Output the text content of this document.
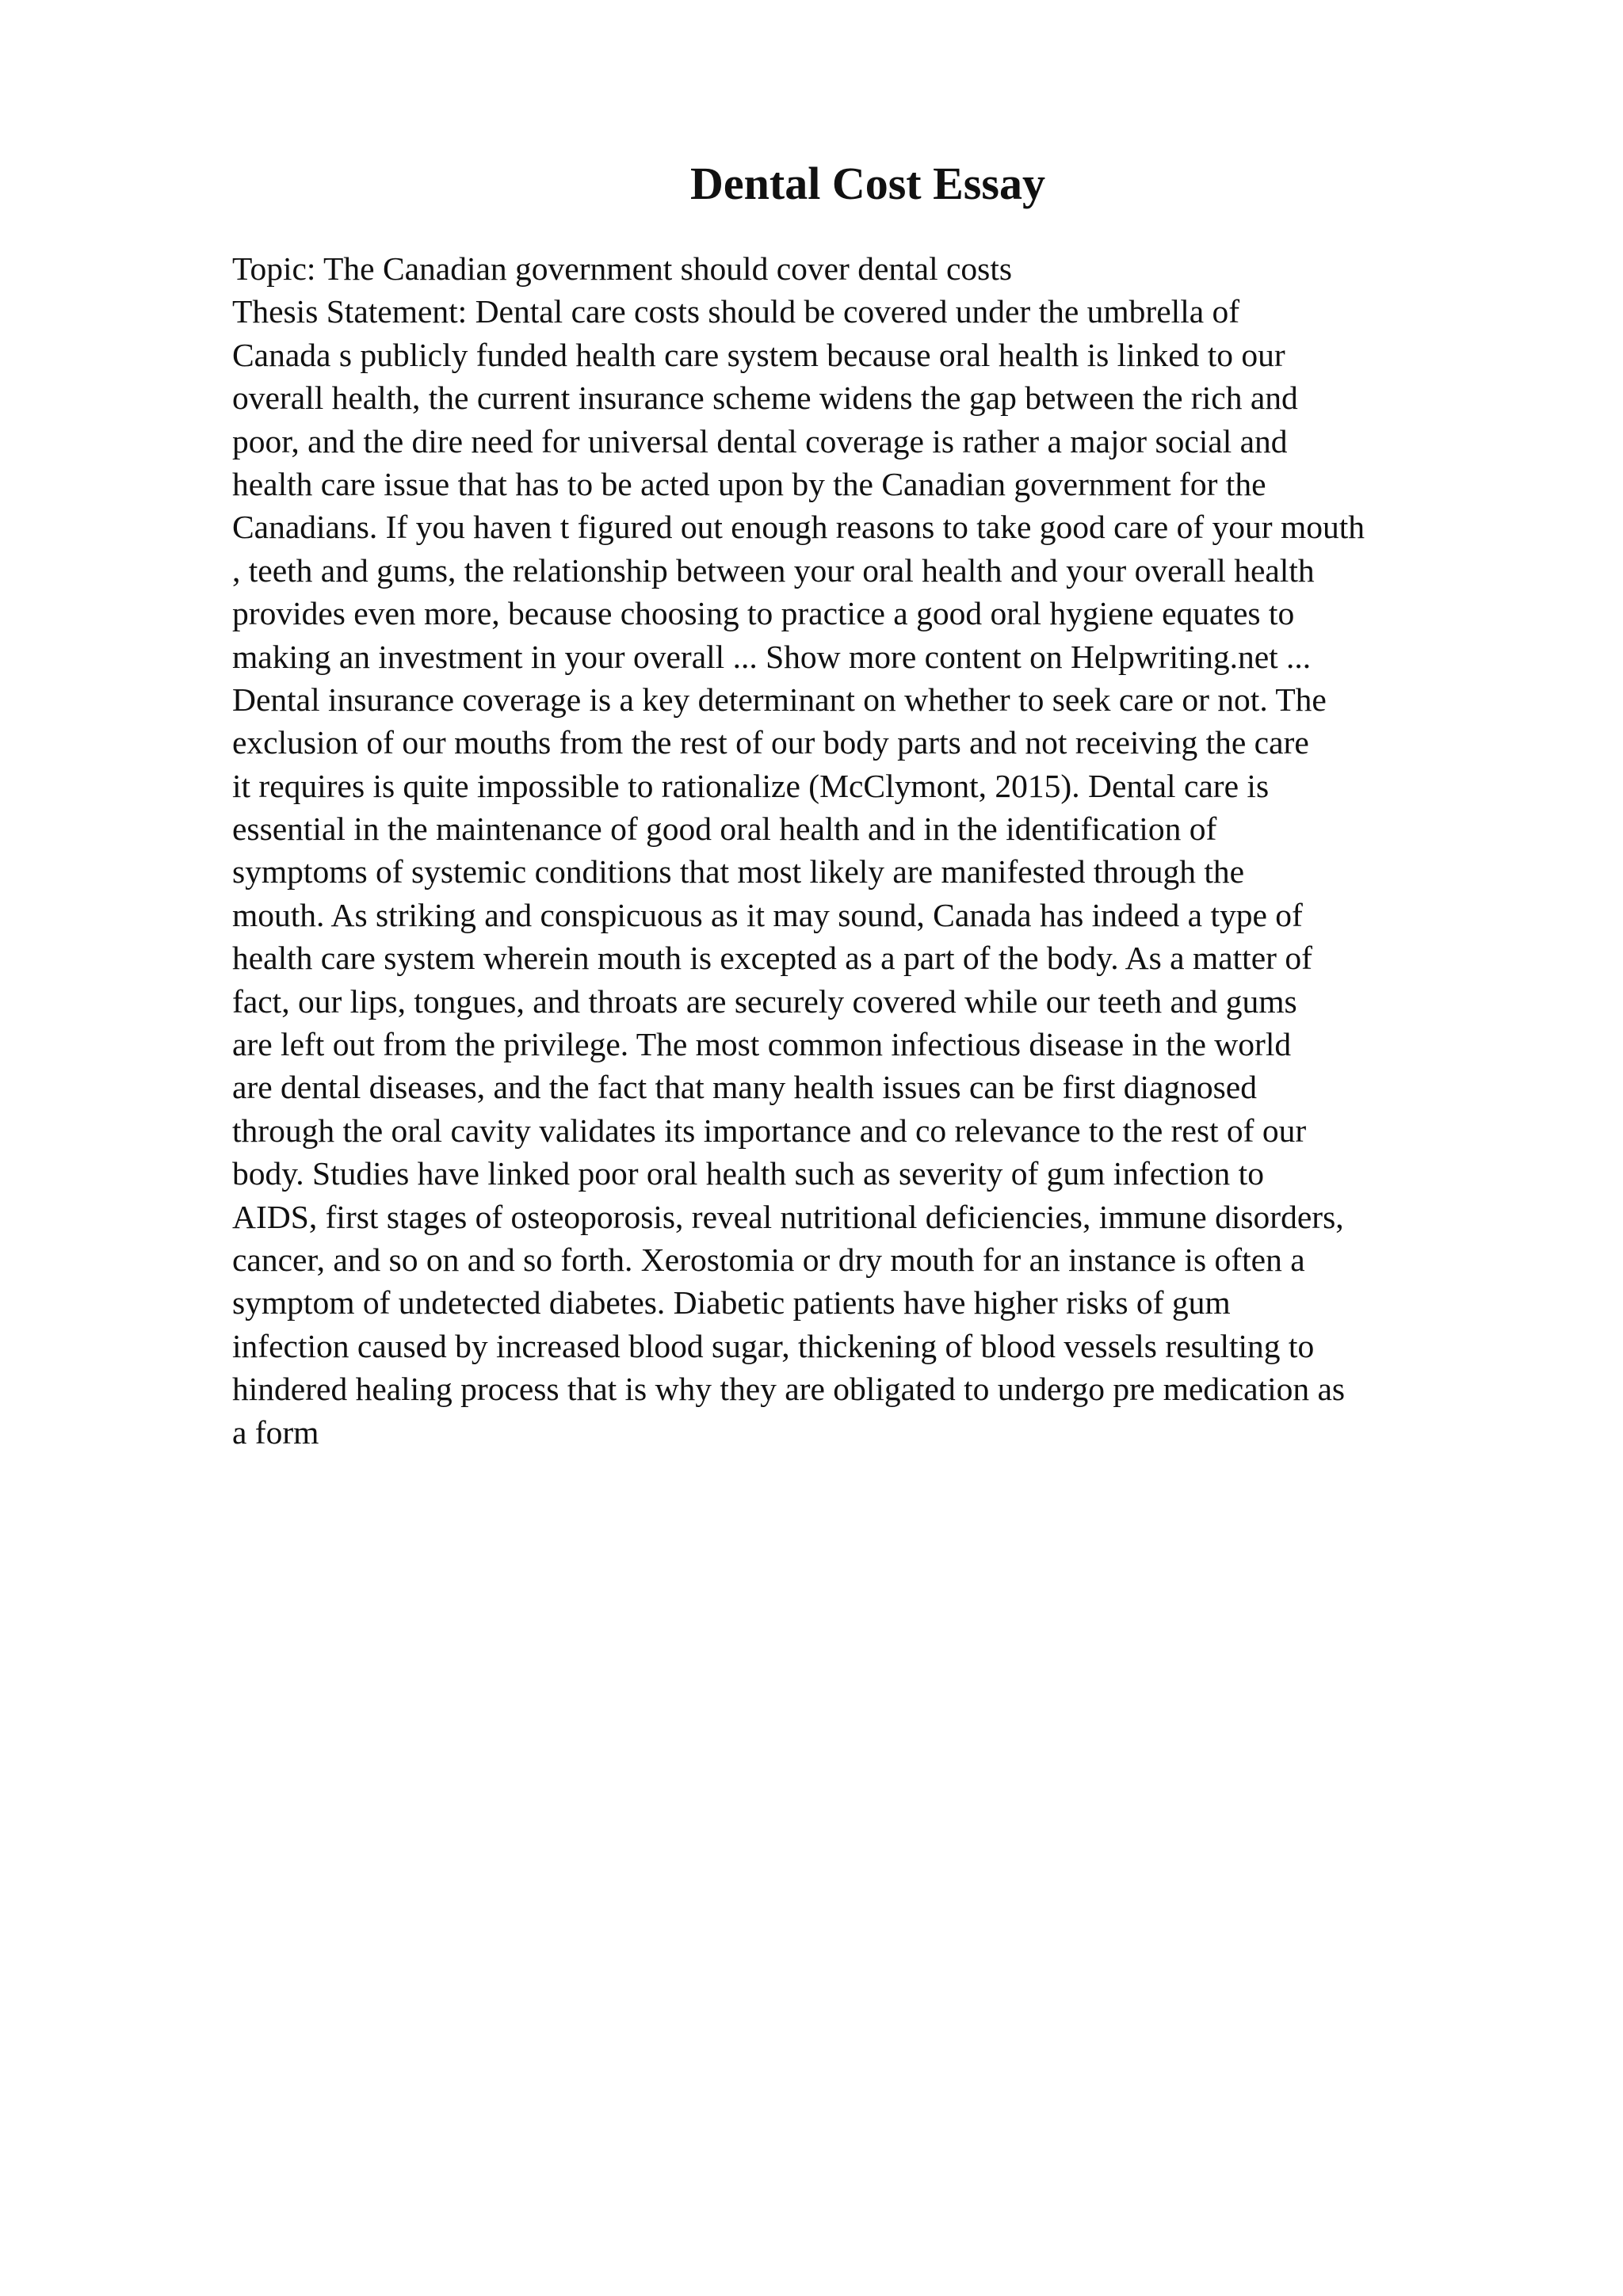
Dental Cost Essay
Topic: The Canadian government should cover dental costs
Thesis Statement: Dental care costs should be covered under the umbrella of
Canada s publicly funded health care system because oral health is linked to our
overall health, the current insurance scheme widens the gap between the rich and
poor, and the dire need for universal dental coverage is rather a major social and
health care issue that has to be acted upon by the Canadian government for the
Canadians. If you haven t figured out enough reasons to take good care of your mouth
, teeth and gums, the relationship between your oral health and your overall health
provides even more, because choosing to practice a good oral hygiene equates to
making an investment in your overall ... Show more content on Helpwriting.net ...
Dental insurance coverage is a key determinant on whether to seek care or not. The
exclusion of our mouths from the rest of our body parts and not receiving the care
it requires is quite impossible to rationalize (McClymont, 2015). Dental care is
essential in the maintenance of good oral health and in the identification of
symptoms of systemic conditions that most likely are manifested through the
mouth. As striking and conspicuous as it may sound, Canada has indeed a type of
health care system wherein mouth is excepted as a part of the body. As a matter of
fact, our lips, tongues, and throats are securely covered while our teeth and gums
are left out from the privilege. The most common infectious disease in the world
are dental diseases, and the fact that many health issues can be first diagnosed
through the oral cavity validates its importance and co relevance to the rest of our
body. Studies have linked poor oral health such as severity of gum infection to
AIDS, first stages of osteoporosis, reveal nutritional deficiencies, immune disorders,
cancer, and so on and so forth. Xerostomia or dry mouth for an instance is often a
symptom of undetected diabetes. Diabetic patients have higher risks of gum
infection caused by increased blood sugar, thickening of blood vessels resulting to
hindered healing process that is why they are obligated to undergo pre medication as
a form
